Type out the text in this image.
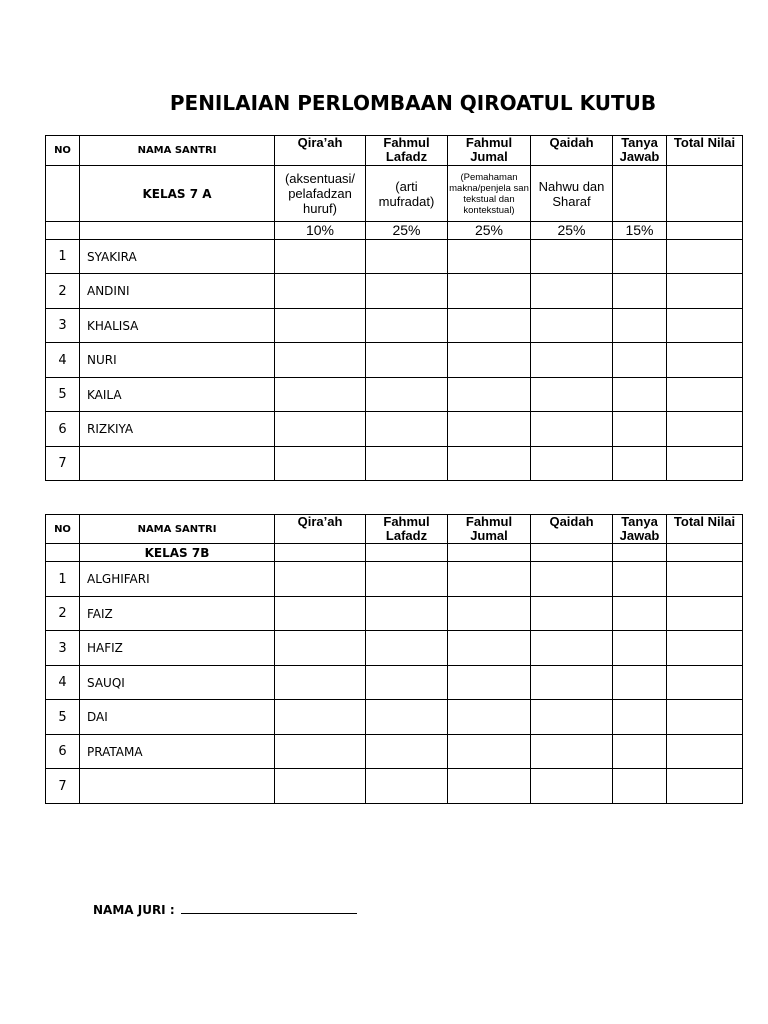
PENILAIAN PERLOMBAAN QIROATUL KUTUB
NO	NAMA SANTRI	Qira’ah	Fahmul Lafadz	Fahmul Jumal	Qaidah	Tanya Jawab	Total Nilai
	KELAS 7 A	(aksentuasi/ pelafadzan huruf)	(arti mufradat)	(Pemahaman makna/penjela san tekstual dan kontekstual)	Nahwu dan Sharaf		
		10%	25%	25%	25%	15%	
1	SYAKIRA						
2	ANDINI						
3	KHALISA						
4	NURI						
5	KAILA						
6	RIZKIYA						
7							
NO	NAMA SANTRI	Qira’ah	Fahmul Lafadz	Fahmul Jumal	Qaidah	Tanya Jawab	Total Nilai
	KELAS 7B						
1	ALGHIFARI						
2	FAIZ						
3	HAFIZ						
4	SAUQI						
5	DAI						
6	PRATAMA						
7							
NAMA JURI :
